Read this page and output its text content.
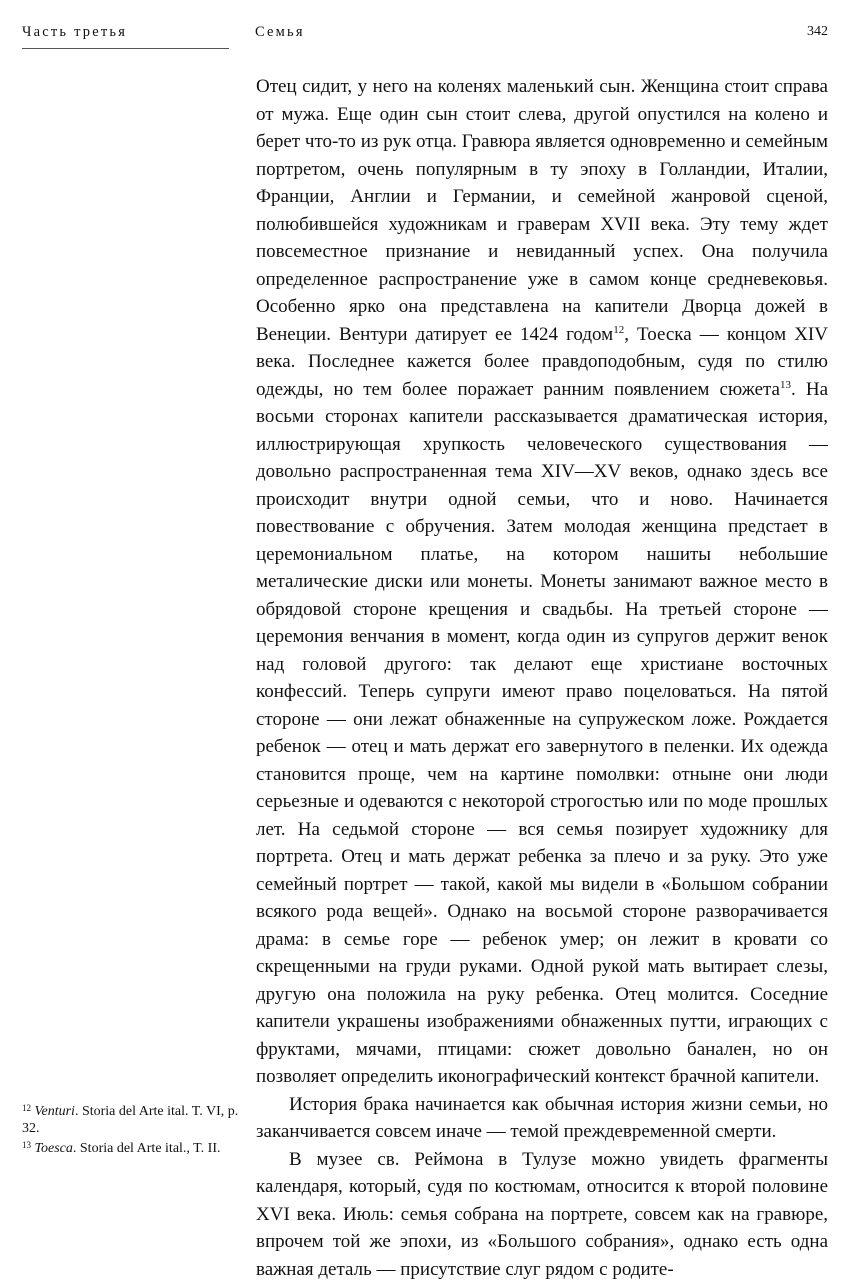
Часть третья	Семья	342

Отец сидит, у него на коленях маленький сын. Женщина стоит справа от мужа. Еще один сын стоит слева, другой опустился на колено и берет что-то из рук отца. Гравюра является одновременно и семейным портретом, очень популярным в ту эпоху в Голландии, Италии, Франции, Англии и Германии, и семейной жанровой сценой, полюбившейся художникам и граверам XVII века. Эту тему ждет повсеместное признание и невиданный успех. Она получила определенное распространение уже в самом конце средневековья. Особенно ярко она представлена на капители Дворца дожей в Венеции. Вентури датирует ее 1424 годом$^{12}$, Тоеска — концом XIV века. Последнее кажется более правдоподобным, судя по стилю одежды, но тем более поражает ранним появлением сюжета$^{13}$. На восьми сторонах капители рассказывается драматическая история, иллюстрирующая хрупкость человеческого существования — довольно распространенная тема XIV—XV веков, однако здесь все происходит внутри одной семьи, что и ново. Начинается повествование с обручения. Затем молодая женщина предстает в церемониальном платье, на котором нашиты небольшие металические диски или монеты. Монеты занимают важное место в обрядовой стороне крещения и свадьбы. На третьей стороне — церемония венчания в момент, когда один из супругов держит венок над головой другого: так делают еще христиане восточных конфессий. Теперь супруги имеют право поцеловаться. На пятой стороне — они лежат обнаженные на супружеском ложе. Рождается ребенок — отец и мать держат его завернутого в пеленки. Их одежда становится проще, чем на картине помолвки: отныне они люди серьезные и одеваются с некоторой строгостью или по моде прошлых лет. На седьмой стороне — вся семья позирует художнику для портрета. Отец и мать держат ребенка за плечо и за руку. Это уже семейный портрет — такой, какой мы видели в «Большом собрании всякого рода вещей». Однако на восьмой стороне разворачивается драма: в семье горе — ребенок умер; он лежит в кровати со скрещенными на груди руками. Одной рукой мать вытирает слезы, другую она положила на руку ребенка. Отец молится. Соседние капители украшены изображениями обнаженных путти, играющих с фруктами, мячами, птицами: сюжет довольно банален, но он позволяет определить иконографический контекст брачной капители.

История брака начинается как обычная история жизни семьи, но заканчивается совсем иначе — темой преждевременной смерти.

В музее св. Реймона в Тулузе можно увидеть фрагменты календаря, который, судя по костюмам, относится к второй половине XVI века. Июль: семья собрана на портрете, совсем как на гравюре, впрочем той же эпохи, из «Большого собрания», однако есть одна важная деталь — присутствие слуг рядом с родите-

$^{12}$ Venturi. Storia del Arte ital. T. VI, p. 32.

$^{13}$ Toesca. Storia del Arte ital., T. II.
